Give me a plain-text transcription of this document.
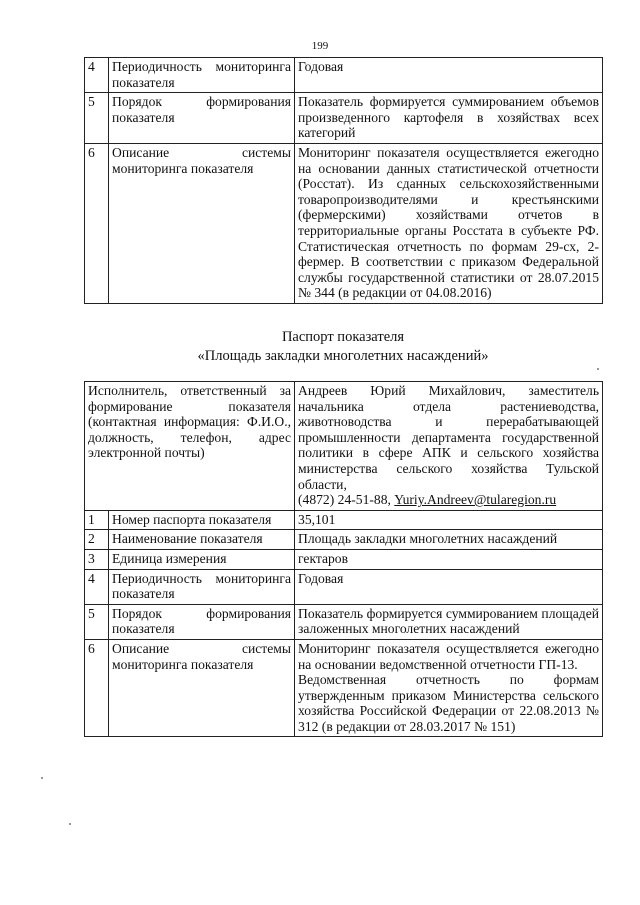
199
4	Периодичность мониторинга показателя	Годовая
5	Порядок формирования показателя	Показатель формируется суммированием объемов произведенного картофеля в хозяйствах всех категорий
6	Описание системы мониторинга показателя	Мониторинг показателя осуществляется ежегодно на основании данных статистической отчетности (Росстат). Из сданных сельскохозяйственными товаропроизводителями и крестьянскими (фермерскими) хозяйствами отчетов в территориальные органы Росстата в субъекте РФ. Статистическая отчетность по формам 29-сх, 2-фермер. В соответствии с приказом Федеральной службы государственной статистики от 28.07.2015 № 344 (в редакции от 04.08.2016)
Паспорт показателя
«Площадь закладки многолетних насаждений»
Исполнитель, ответственный за формирование показателя (контактная информация: Ф.И.О., должность, телефон, адрес электронной почты)		Андреев Юрий Михайлович, заместитель начальника отдела растениеводства, животноводства и перерабатывающей промышленности департамента государственной политики в сфере АПК и сельского хозяйства министерства сельского хозяйства Тульской области,
(4872) 24-51-88, Yuriy.Andreev@tularegion.ru
1	Номер паспорта показателя	35,101
2	Наименование показателя	Площадь закладки многолетних насаждений
3	Единица измерения	гектаров
4	Периодичность мониторинга показателя	Годовая
5	Порядок формирования показателя	Показатель формируется суммированием площадей заложенных многолетних насаждений
6	Описание системы мониторинга показателя	Мониторинг показателя осуществляется ежегодно на основании ведомственной отчетности ГП-13.
Ведомственная отчетность по формам утвержденным приказом Министерства сельского хозяйства Российской Федерации от 22.08.2013 № 312 (в редакции от 28.03.2017 № 151)
